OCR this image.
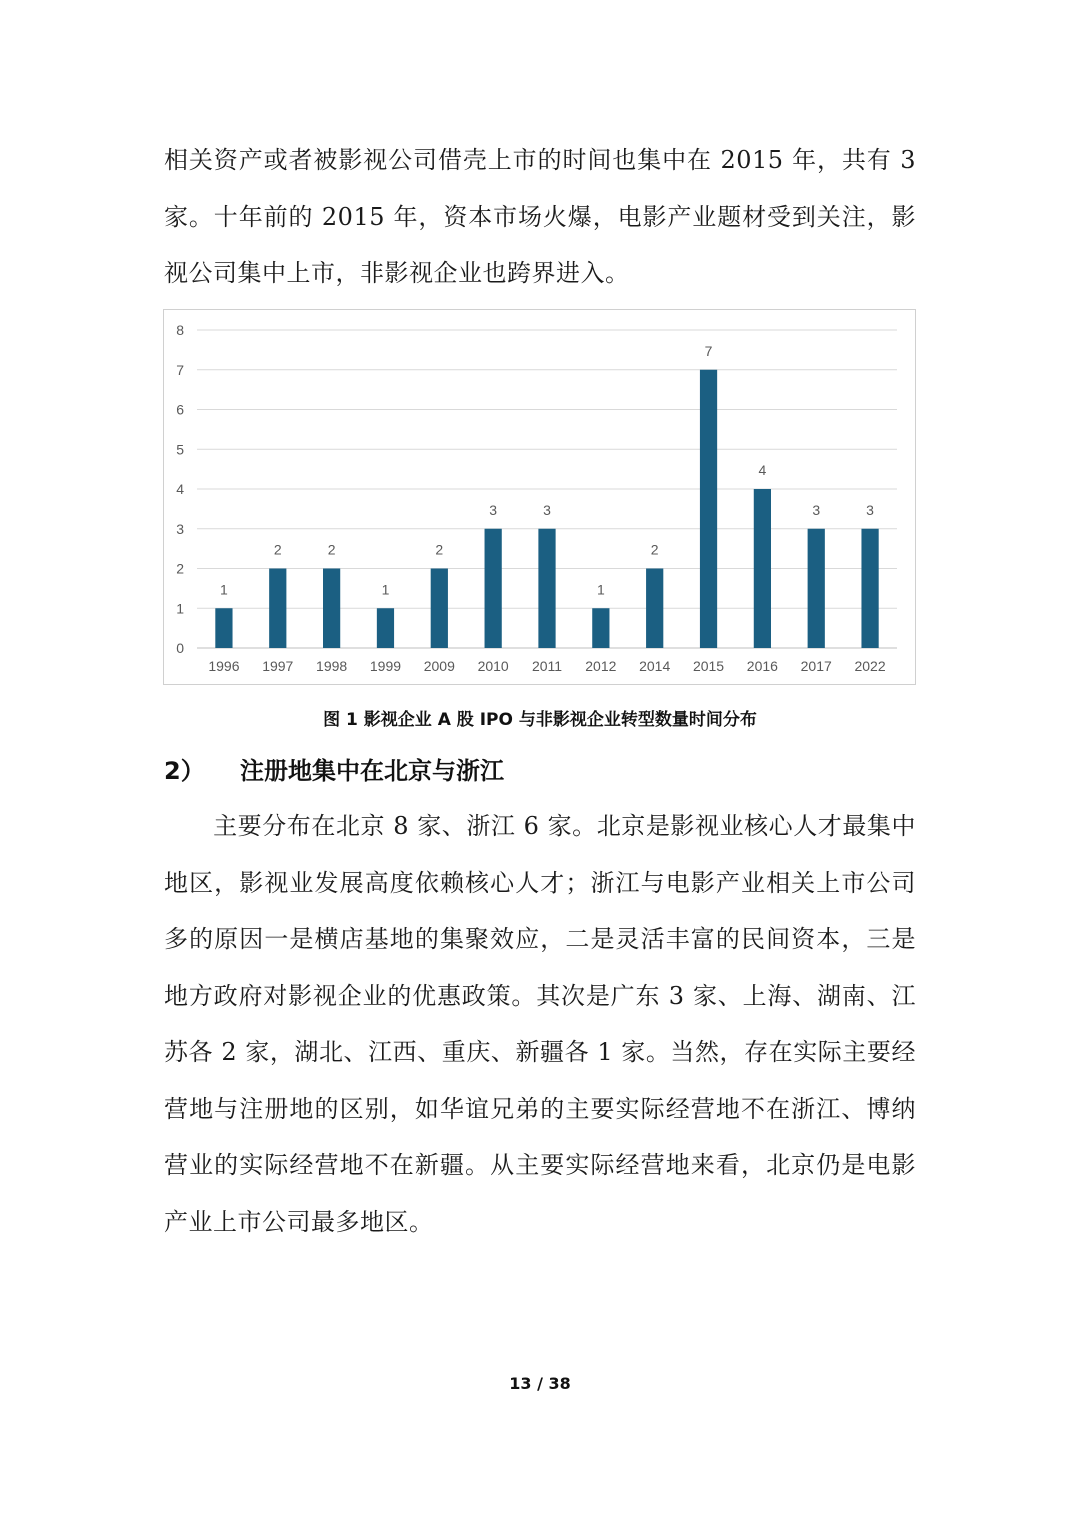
相关资产或者被影视公司借壳上市的时间也集中在 2015 年，共有 3
家。十年前的 2015 年，资本市场火爆，电影产业题材受到关注，影
视公司集中上市，非影视企业也跨界进入。
0
1
2
3
4
5
6
7
8
1
1996
2
1997
2
1998
1
1999
2
2009
3
2010
3
2011
1
2012
2
2014
7
2015
4
2016
3
2017
3
2022
图 1 影视企业 A 股 IPO 与非影视企业转型数量时间分布
2） 注册地集中在北京与浙江
　　主要分布在北京 8 家、浙江 6 家。北京是影视业核心人才最集中
地区，影视业发展高度依赖核心人才；浙江与电影产业相关上市公司
多的原因一是横店基地的集聚效应，二是灵活丰富的民间资本，三是
地方政府对影视企业的优惠政策。其次是广东 3 家、上海、湖南、江
苏各 2 家，湖北、江西、重庆、新疆各 1 家。当然，存在实际主要经
营地与注册地的区别，如华谊兄弟的主要实际经营地不在浙江、博纳
营业的实际经营地不在新疆。从主要实际经营地来看，北京仍是电影
产业上市公司最多地区。
13 / 38
